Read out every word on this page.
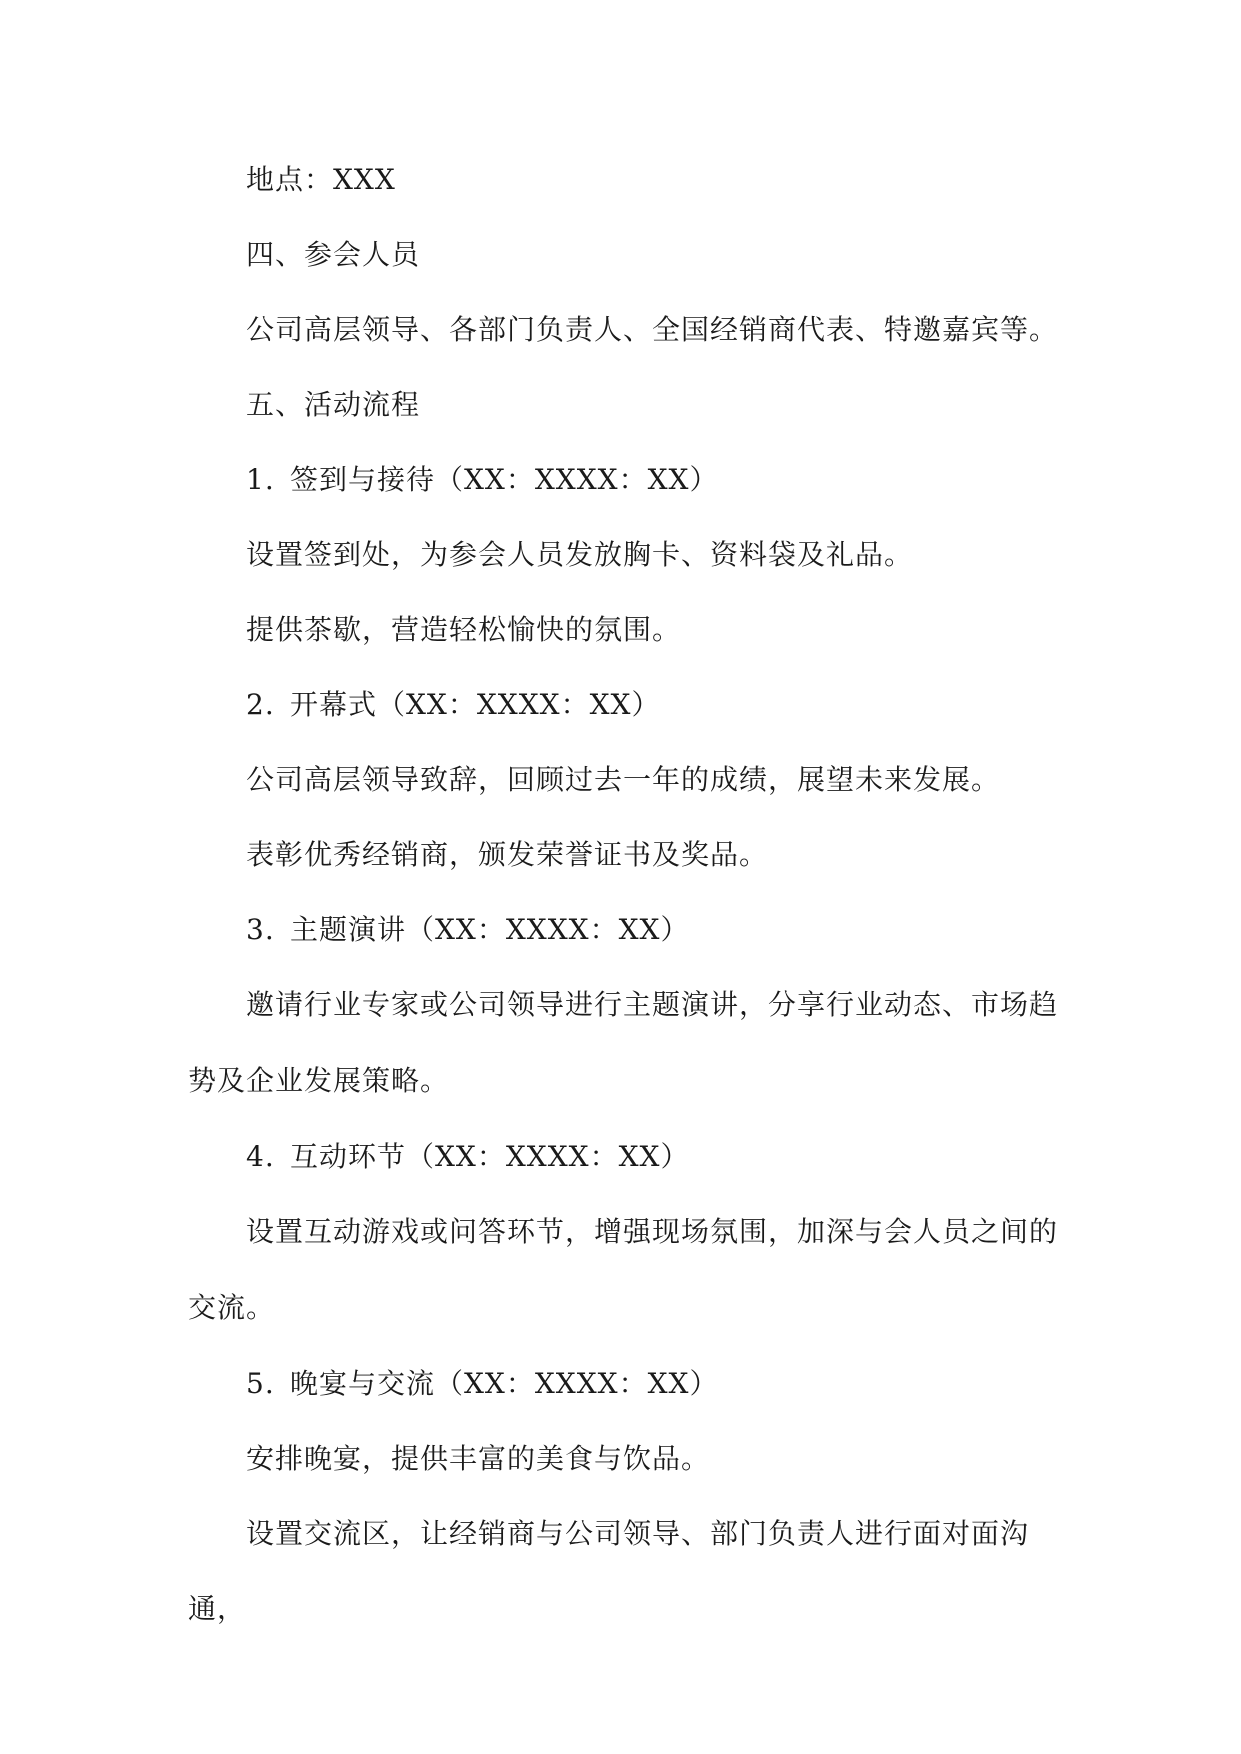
地点：XXX

四、参会人员

公司高层领导、各部门负责人、全国经销商代表、特邀嘉宾等。

五、活动流程

1. 签到与接待（XX：XXXX：XX）

设置签到处，为参会人员发放胸卡、资料袋及礼品。

提供茶歇，营造轻松愉快的氛围。

2. 开幕式（XX：XXXX：XX）

公司高层领导致辞，回顾过去一年的成绩，展望未来发展。

表彰优秀经销商，颁发荣誉证书及奖品。

3. 主题演讲（XX：XXXX：XX）

邀请行业专家或公司领导进行主题演讲，分享行业动态、市场趋势及企业发展策略。

4. 互动环节（XX：XXXX：XX）

设置互动游戏或问答环节，增强现场氛围，加深与会人员之间的交流。

5. 晚宴与交流（XX：XXXX：XX）

安排晚宴，提供丰富的美食与饮品。

设置交流区，让经销商与公司领导、部门负责人进行面对面沟通，
